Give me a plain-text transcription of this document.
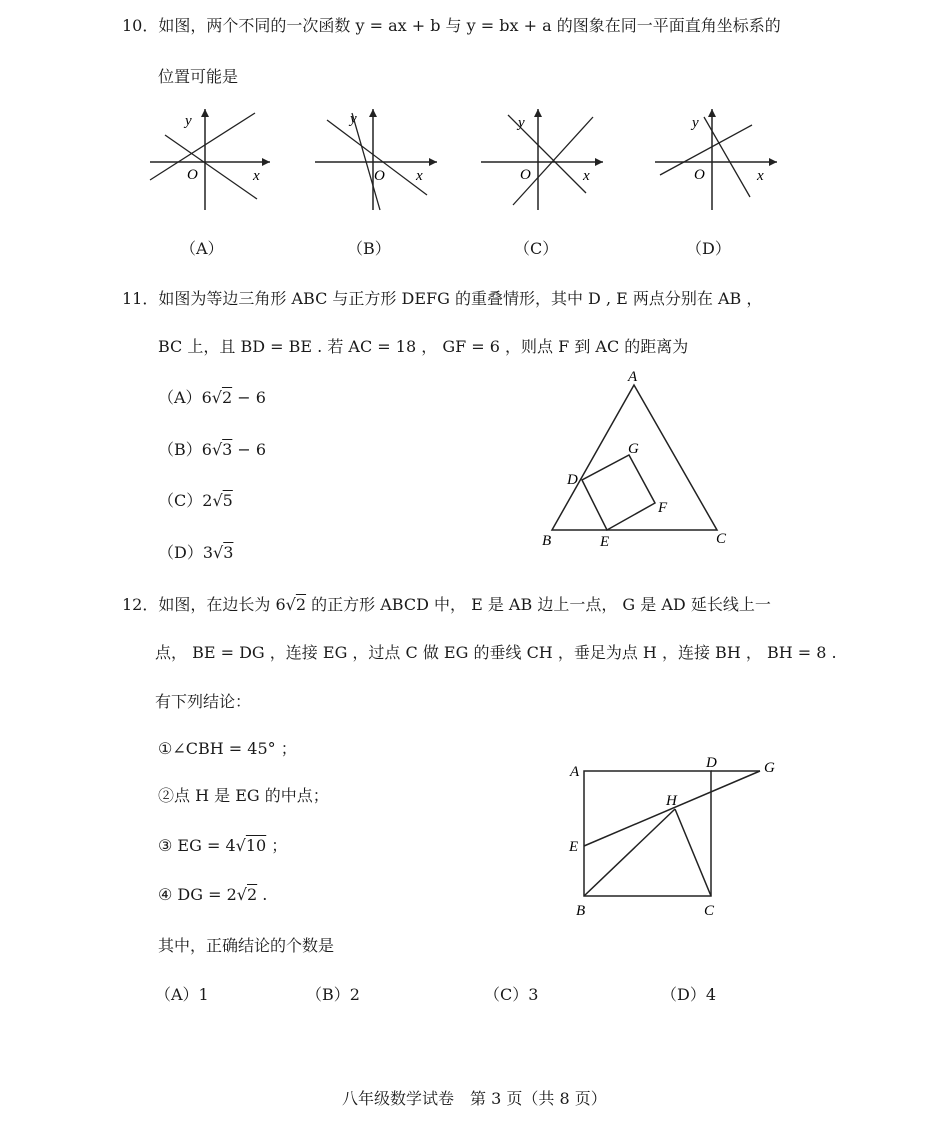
10．如图，两个不同的一次函数 y = ax + b 与 y = bx + a 的图象在同一平面直角坐标系的
位置可能是
y
O	x
（A）
y
O x
（B）
y
O	x
（C）
y
O	x
（D）
11．如图为等边三角形 ABC 与正方形 DEFG 的重叠情形，其中 D , E 两点分别在 AB ，
BC 上，且 BD = BE . 若 AC = 18 ， GF = 6 ，则点 F 到 AC 的距离为
（A）6√2 − 6
（B）6√3 − 6
（C）2√5
（D）3√3
A
B	C
D
E
F
G
12．如图，在边长为 6√2 的正方形 ABCD 中， E 是 AB 边上一点， G 是 AD 延长线上一
点， BE = DG ，连接 EG ，过点 C 做 EG 的垂线 CH ，垂足为点 H ，连接 BH ， BH = 8 .
有下列结论：
①∠CBH = 45° ；
②点 H 是 EG 的中点；
③ EG = 4√10 ；
④ DG = 2√2 .
其中，正确结论的个数是
（A）1	（B）2	（C）3	（D）4
A
D	G
H
E
B	C
八年级数学试卷　第 3 页（共 8 页）
